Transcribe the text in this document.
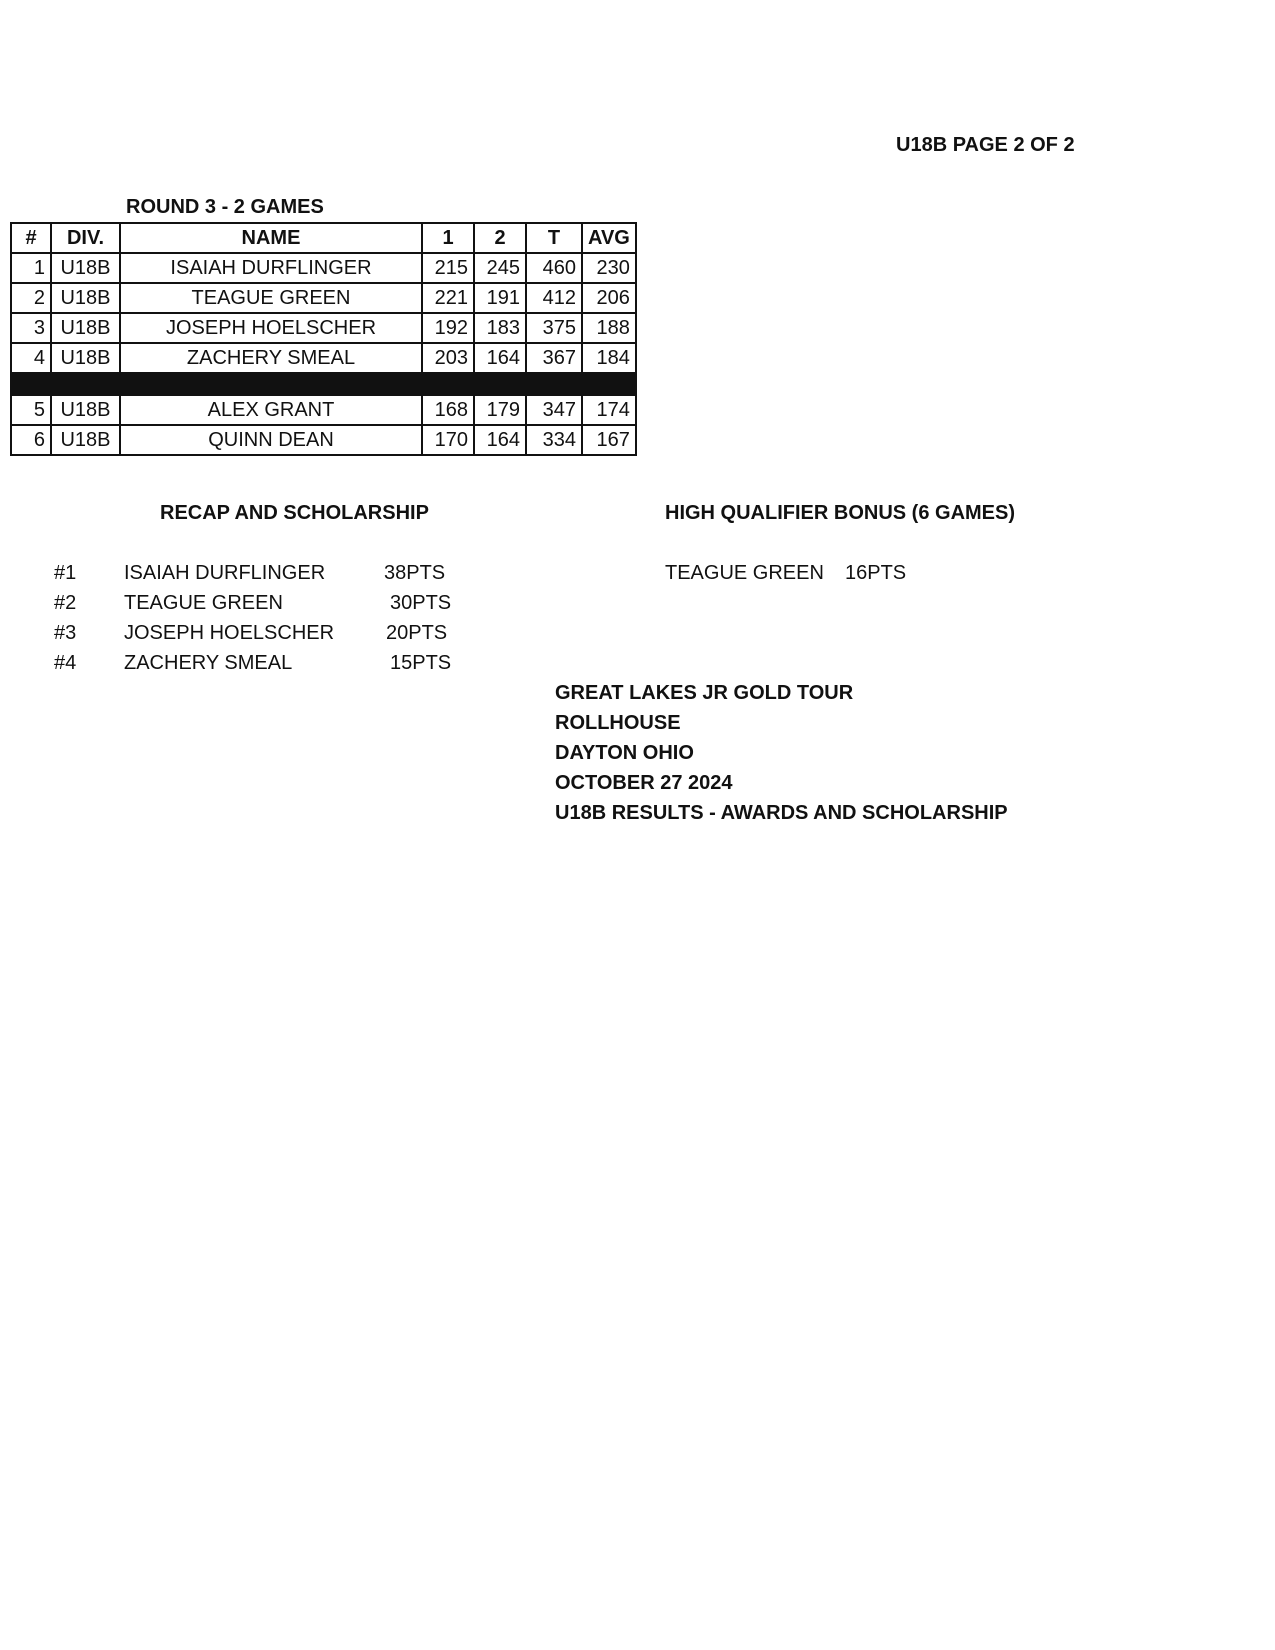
U18B PAGE 2 OF 2
ROUND 3 - 2 GAMES
#	DIV.	NAME	1	2	T	AVG
1	U18B	ISAIAH DURFLINGER	215	245	460	230
2	U18B	TEAGUE GREEN	221	191	412	206
3	U18B	JOSEPH HOELSCHER	192	183	375	188
4	U18B	ZACHERY SMEAL	203	164	367	184

5	U18B	ALEX GRANT	168	179	347	174
6	U18B	QUINN DEAN	170	164	334	167
RECAP AND SCHOLARSHIP	HIGH QUALIFIER BONUS (6 GAMES)
#1 ISAIAH DURFLINGER	38PTS
#2 TEAGUE GREEN	30PTS
#3 JOSEPH HOELSCHER	20PTS
#4 ZACHERY SMEAL	15PTS
TEAGUE GREEN 16PTS
GREAT LAKES JR GOLD TOUR
ROLLHOUSE
DAYTON OHIO
OCTOBER 27 2024
U18B RESULTS - AWARDS AND SCHOLARSHIP
